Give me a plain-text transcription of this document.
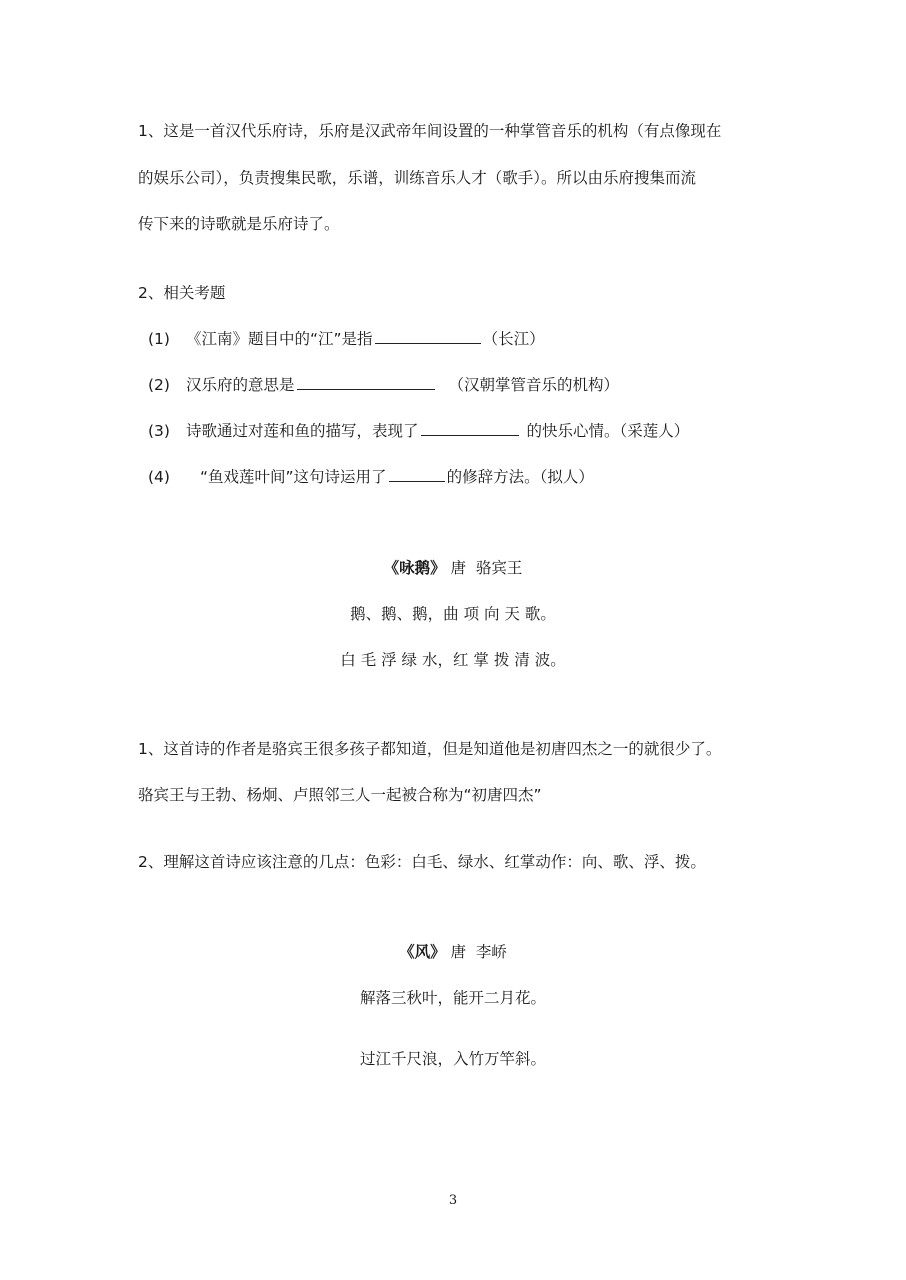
1、这是一首汉代乐府诗，乐府是汉武帝年间设置的一种掌管音乐的机构（有点像现在
的娱乐公司），负责搜集民歌，乐谱，训练音乐人才（歌手）。所以由乐府搜集而流
传下来的诗歌就是乐府诗了。
2、相关考题
(1) 《江南》题目中的“江”是指	（长江）
(2) 汉乐府的意思是	（汉朝掌管音乐的机构）
(3) 诗歌通过对莲和鱼的描写，表现了	的快乐心情。（采莲人）
(4) “鱼戏莲叶间”这句诗运用了	的修辞方法。（拟人）
《咏鹅》 唐 骆宾王
鹅、鹅、鹅，曲 项 向 天 歌。
白 毛 浮 绿 水，红 掌 拨 清 波。
1、这首诗的作者是骆宾王很多孩子都知道，但是知道他是初唐四杰之一的就很少了。
骆宾王与王勃、杨炯、卢照邻三人一起被合称为“初唐四杰”
2、理解这首诗应该注意的几点：色彩：白毛、绿水、红掌动作：向、歌、浮、拨。
《风》 唐 李峤
解落三秋叶，能开二月花。
过江千尺浪，入竹万竿斜。
3
